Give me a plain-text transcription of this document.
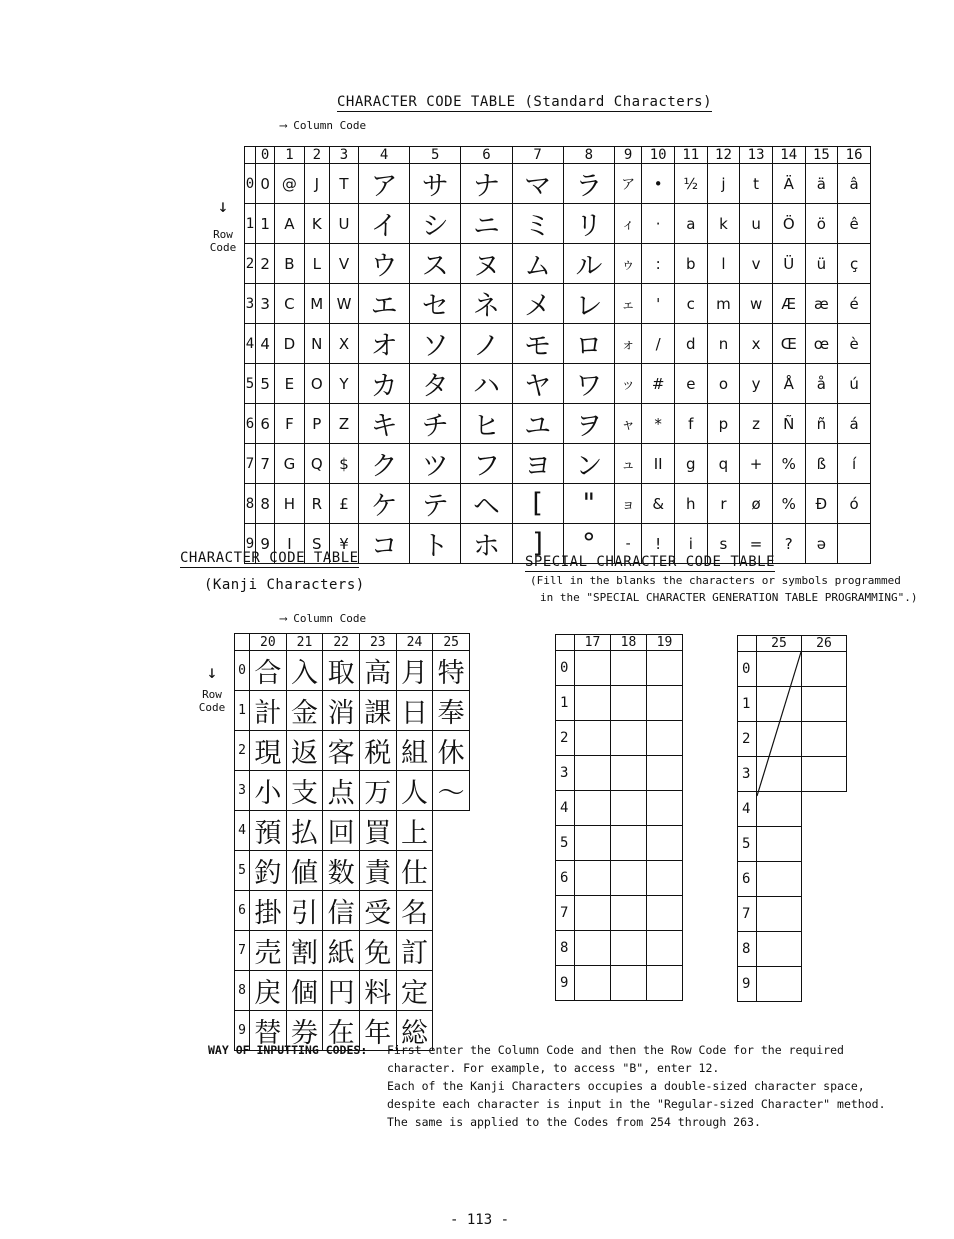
CHARACTER CODE TABLE (Standard Characters)
⟶ Column Code
↓
Row
Code
	0	1	2	3	4	5	6	7	8	9	10	11	12	13	14	15	16
0	0	@	J	T	ア	サ	ナ	マ	ラ	ア	•	½	j	t	Ä	ä	â
1	1	A	K	U	イ	シ	ニ	ミ	リ	ィ	·	a	k	u	Ö	ö	ê
2	2	B	L	V	ウ	ス	ヌ	ム	ル	ゥ	:	b	l	v	Ü	ü	ç
3	3	C	M	W	エ	セ	ネ	メ	レ	ェ	'	c	m	w	Æ	æ	é
4	4	D	N	X	オ	ソ	ノ	モ	ロ	ォ	/	d	n	x	Œ	œ	è
5	5	E	O	Y	カ	タ	ハ	ヤ	ワ	ッ	#	e	o	y	Å	å	ú
6	6	F	P	Z	キ	チ	ヒ	ユ	ヲ	ャ	*	f	p	z	Ñ	ñ	á
7	7	G	Q	$	ク	ツ	フ	ヨ	ン	ュ	II	g	q	+	%	ß	í
8	8	H	R	£	ケ	テ	ヘ	[	"	ョ	&	h	r	ø	%	Đ	ó
9	9	I	S	¥	コ	ト	ホ	]	°	-	!	i	s	=	?	ə	
CHARACTER CODE TABLE
(Kanji Characters)
⟶ Column Code
↓
Row
Code
	20	21	22	23	24	25
0	合	入	取	高	月	特
1	計	金	消	課	日	奉
2	現	返	客	税	組	休
3	小	支	点	万	人	～
4	預	払	回	買	上	
5	釣	値	数	責	仕	
6	掛	引	信	受	名	
7	売	割	紙	免	訂	
8	戻	個	円	料	定	
9	替	券	在	年	総	
SPECIAL CHARACTER CODE TABLE
(Fill in the blanks the characters or symbols programmed
in the "SPECIAL CHARACTER GENERATION TABLE PROGRAMMING".)
	17	18	19
0			
1			
2			
3			
4			
5			
6			
7			
8			
9			
	25	26
0		
1		
2		
3		
4		
5		
6		
7		
8		
9		
WAY OF INPUTTING CODES: First enter the Column Code and then the Row Code for the required
character. For example, to access "B", enter 12.
Each of the Kanji Characters occupies a double-sized character space,
despite each character is input in the "Regular-sized Character" method.
The same is applied to the Codes from 254 through 263.
- 113 -
